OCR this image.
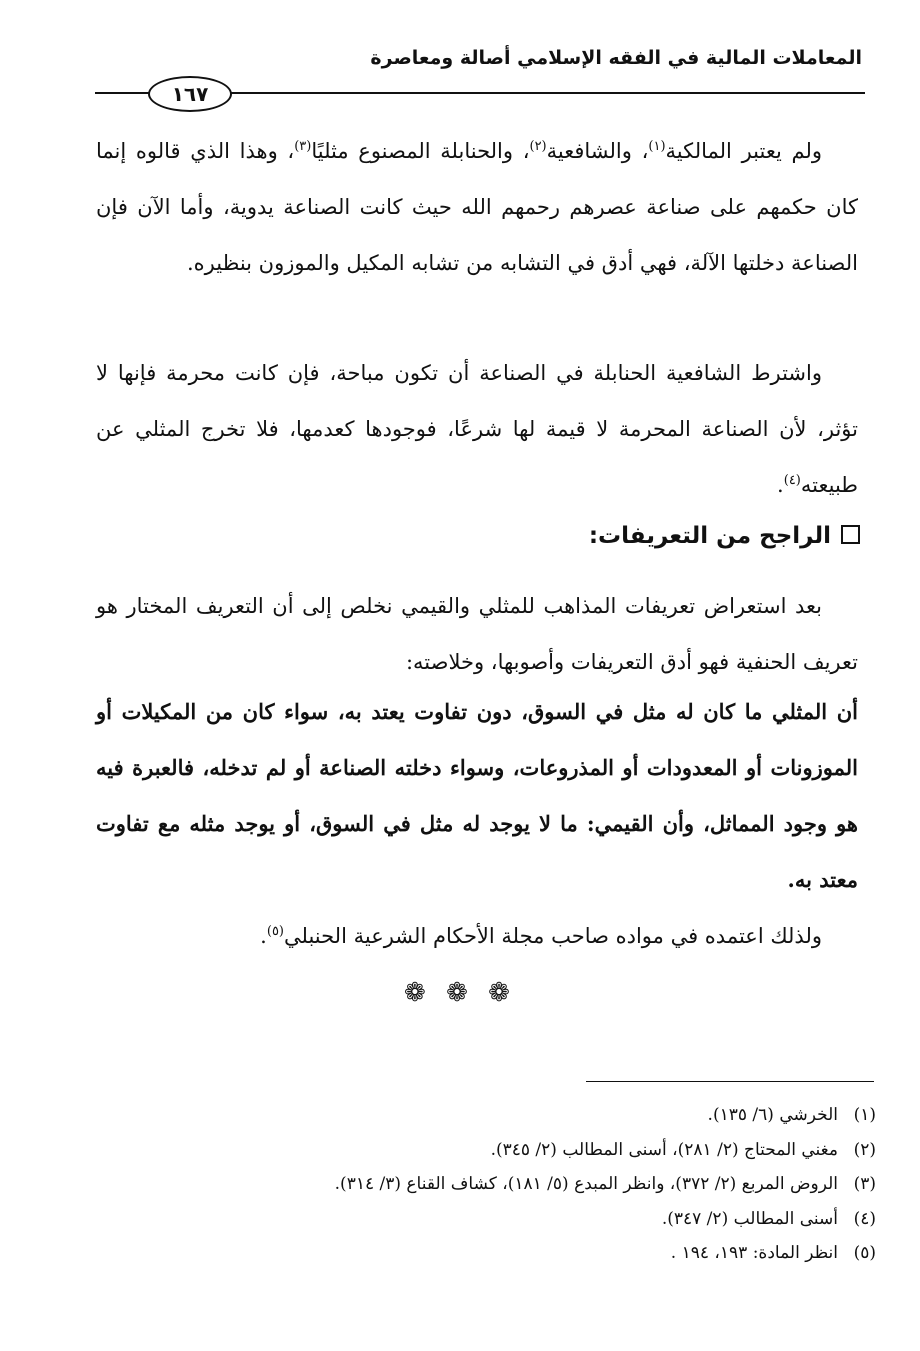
المعاملات المالية في الفقه الإسلامي أصالة ومعاصرة
١٦٧

ولم يعتبر المالكية$^{(١)}$، والشافعية$^{(٢)}$، والحنابلة المصنوع مثليًا$^{(٣)}$، وهذا الذي قالوه إنما كان حكمهم على صناعة عصرهم رحمهم الله حيث كانت الصناعة يدوية، وأما الآن فإن الصناعة دخلتها الآلة، فهي أدق في التشابه من تشابه المكيل والموزون بنظيره.

واشترط الشافعية الحنابلة في الصناعة أن تكون مباحة، فإن كانت محرمة فإنها لا تؤثر، لأن الصناعة المحرمة لا قيمة لها شرعًا، فوجودها كعدمها، فلا تخرج المثلي عن طبيعته$^{(٤)}$.

الراجح من التعريفات:

بعد استعراض تعريفات المذاهب للمثلي والقيمي نخلص إلى أن التعريف المختار هو تعريف الحنفية فهو أدق التعريفات وأصوبها، وخلاصته:

أن المثلي ما كان له مثل في السوق، دون تفاوت يعتد به، سواء كان من المكيلات أو الموزونات أو المعدودات أو المذروعات، وسواء دخلته الصناعة أو لم تدخله، فالعبرة فيه هو وجود المماثل، وأن القيمي: ما لا يوجد له مثل في السوق، أو يوجد مثله مع تفاوت معتد به.

ولذلك اعتمده في مواده صاحب مجلة الأحكام الشرعية الحنبلي$^{(٥)}$.

❁ ❁ ❁
(١)الخرشي (٦/ ١٣٥).
(٢)مغني المحتاج (٢/ ٢٨١)، أسنى المطالب (٢/ ٣٤٥).
(٣)الروض المربع (٢/ ٣٧٢)، وانظر المبدع (٥/ ١٨١)، كشاف القناع (٣/ ٣١٤).
(٤)أسنى المطالب (٢/ ٣٤٧).
(٥)انظر المادة: ١٩٣، ١٩٤ .
